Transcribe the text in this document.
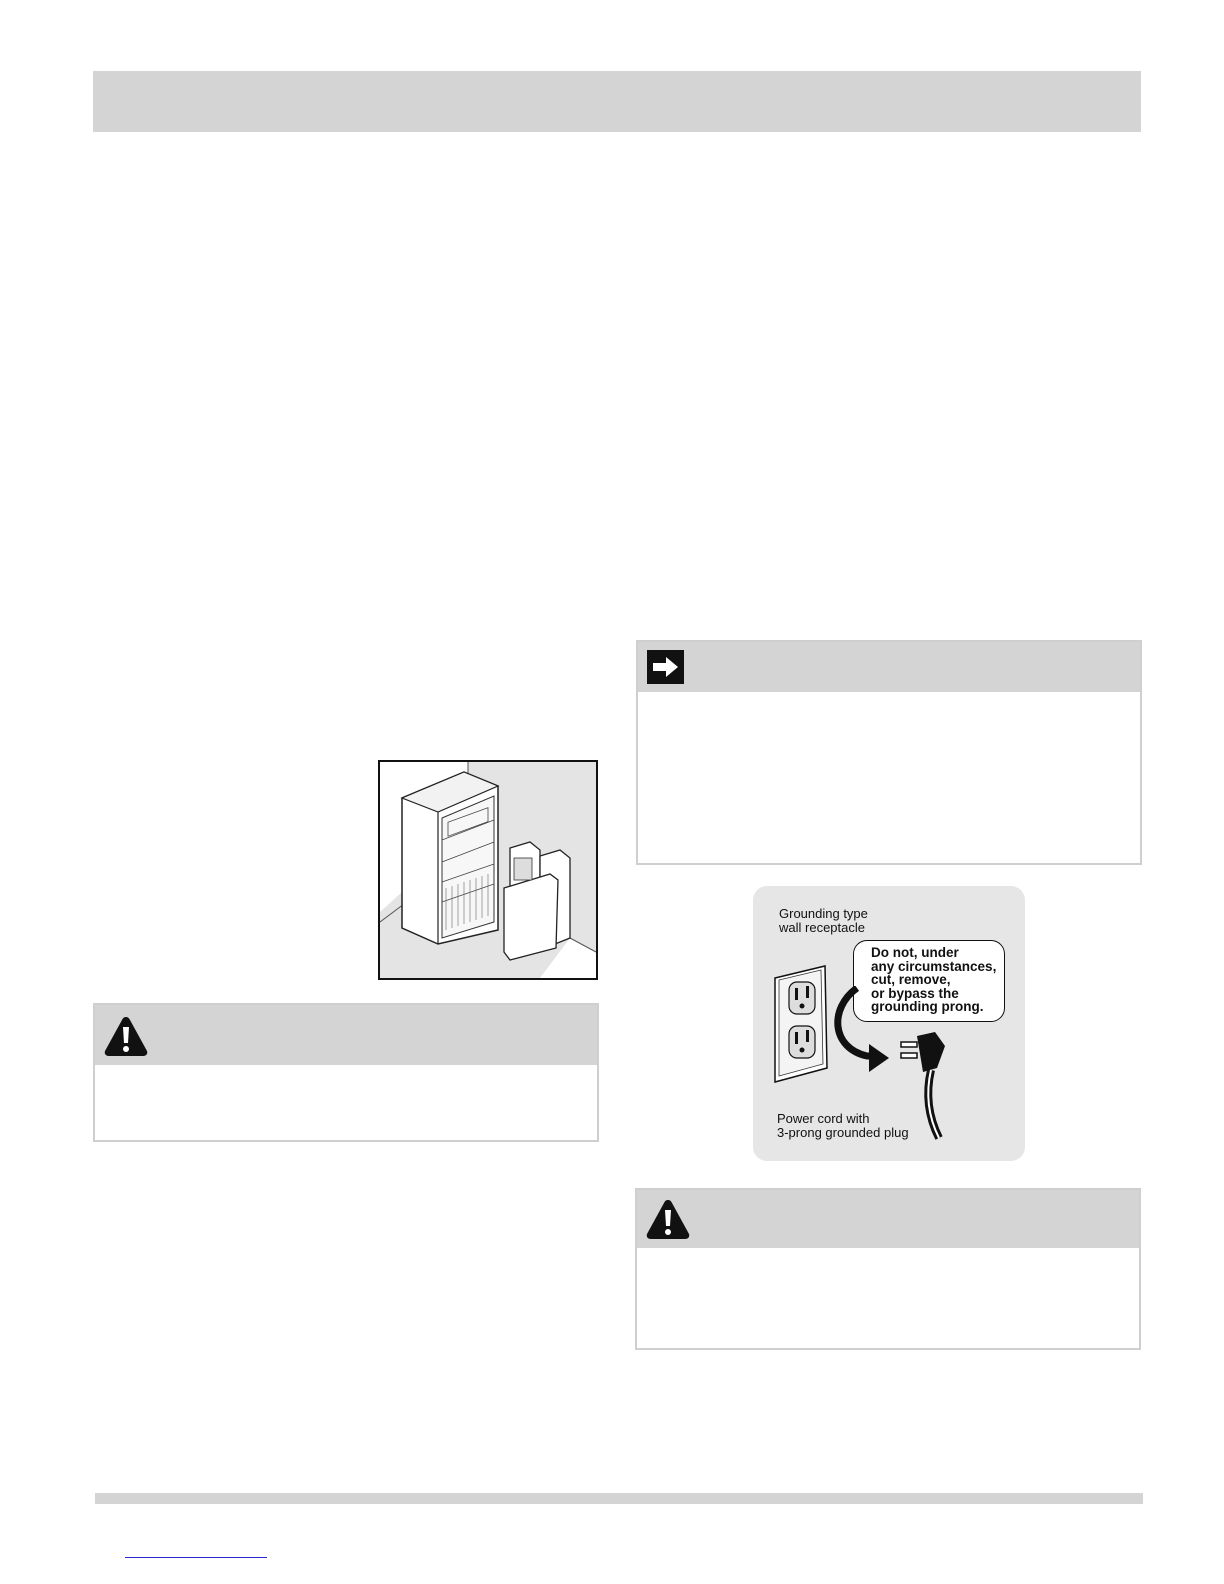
Grounding type
wall receptacle
Do not, under
any circumstances,
cut, remove,
or bypass the
grounding prong.
Power cord with
3-prong grounded plug
